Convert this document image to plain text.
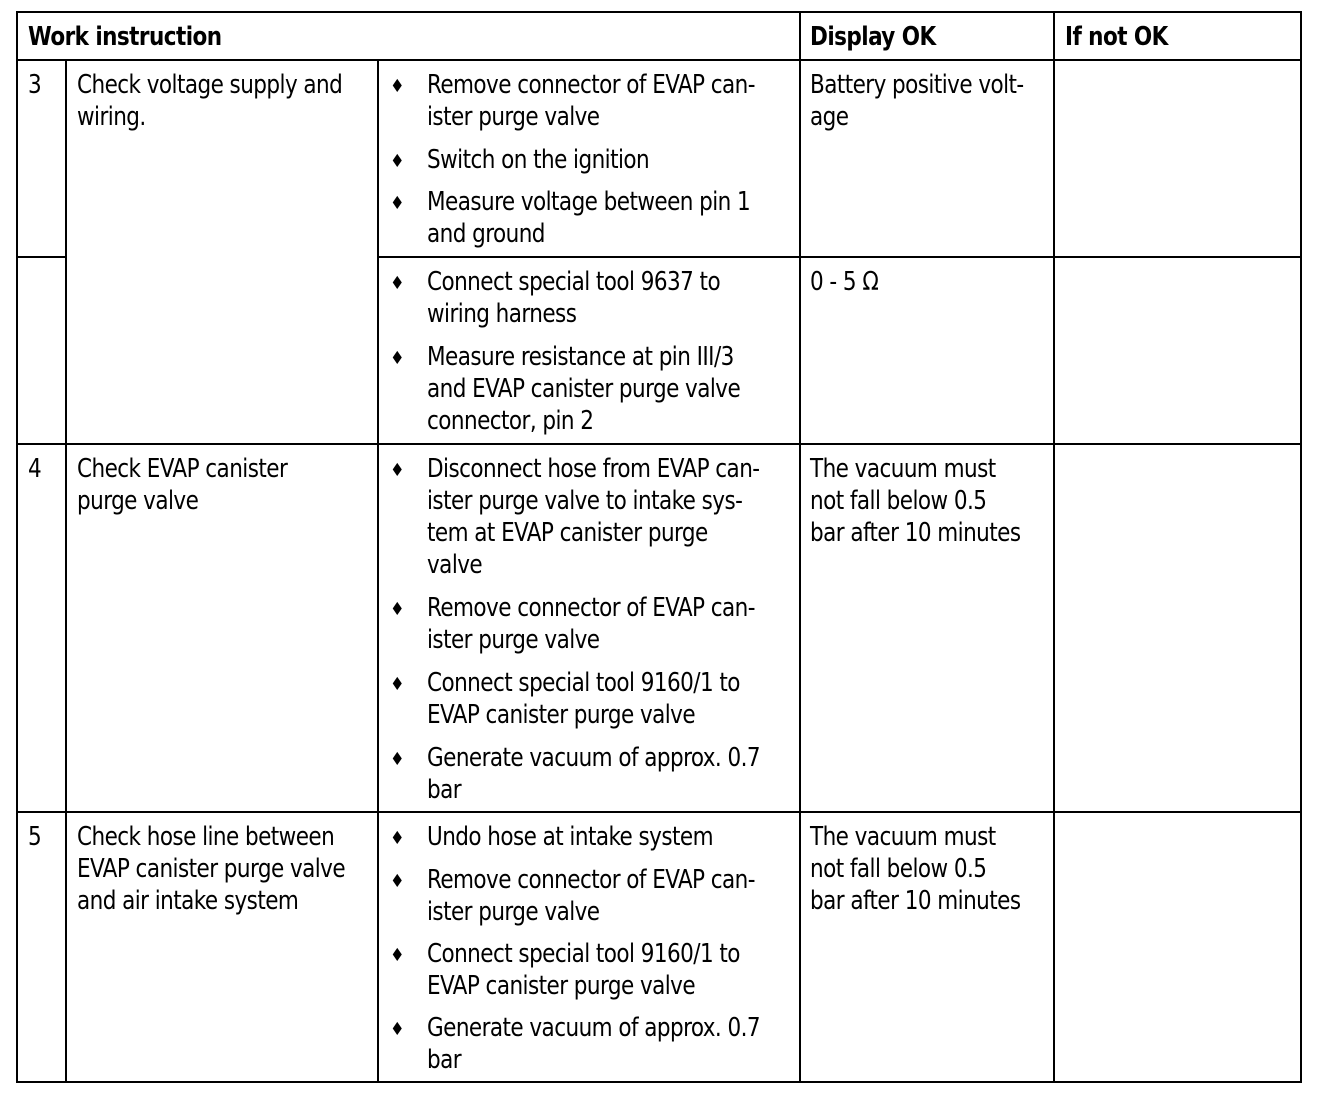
Work instruction	Display OK	If not OK
3 Check voltage supply and
wiring.
♦ Remove connector of EVAP can-
ister purge valve
♦ Switch on the ignition
♦ Measure voltage between pin 1
and ground
Battery positive volt-
age
♦ Connect special tool 9637 to
wiring harness
♦ Measure resistance at pin III/3
and EVAP canister purge valve
connector, pin 2
0 - 5 Ω
4 Check EVAP canister
purge valve
♦ Disconnect hose from EVAP can-
ister purge valve to intake sys-
tem at EVAP canister purge
valve
♦ Remove connector of EVAP can-
ister purge valve
♦ Connect special tool 9160/1 to
EVAP canister purge valve
♦ Generate vacuum of approx. 0.7
bar
The vacuum must
not fall below 0.5
bar after 10 minutes
5 Check hose line between
EVAP canister purge valve
and air intake system
♦ Undo hose at intake system
♦ Remove connector of EVAP can-
ister purge valve
♦ Connect special tool 9160/1 to
EVAP canister purge valve
♦ Generate vacuum of approx. 0.7
bar
The vacuum must
not fall below 0.5
bar after 10 minutes
